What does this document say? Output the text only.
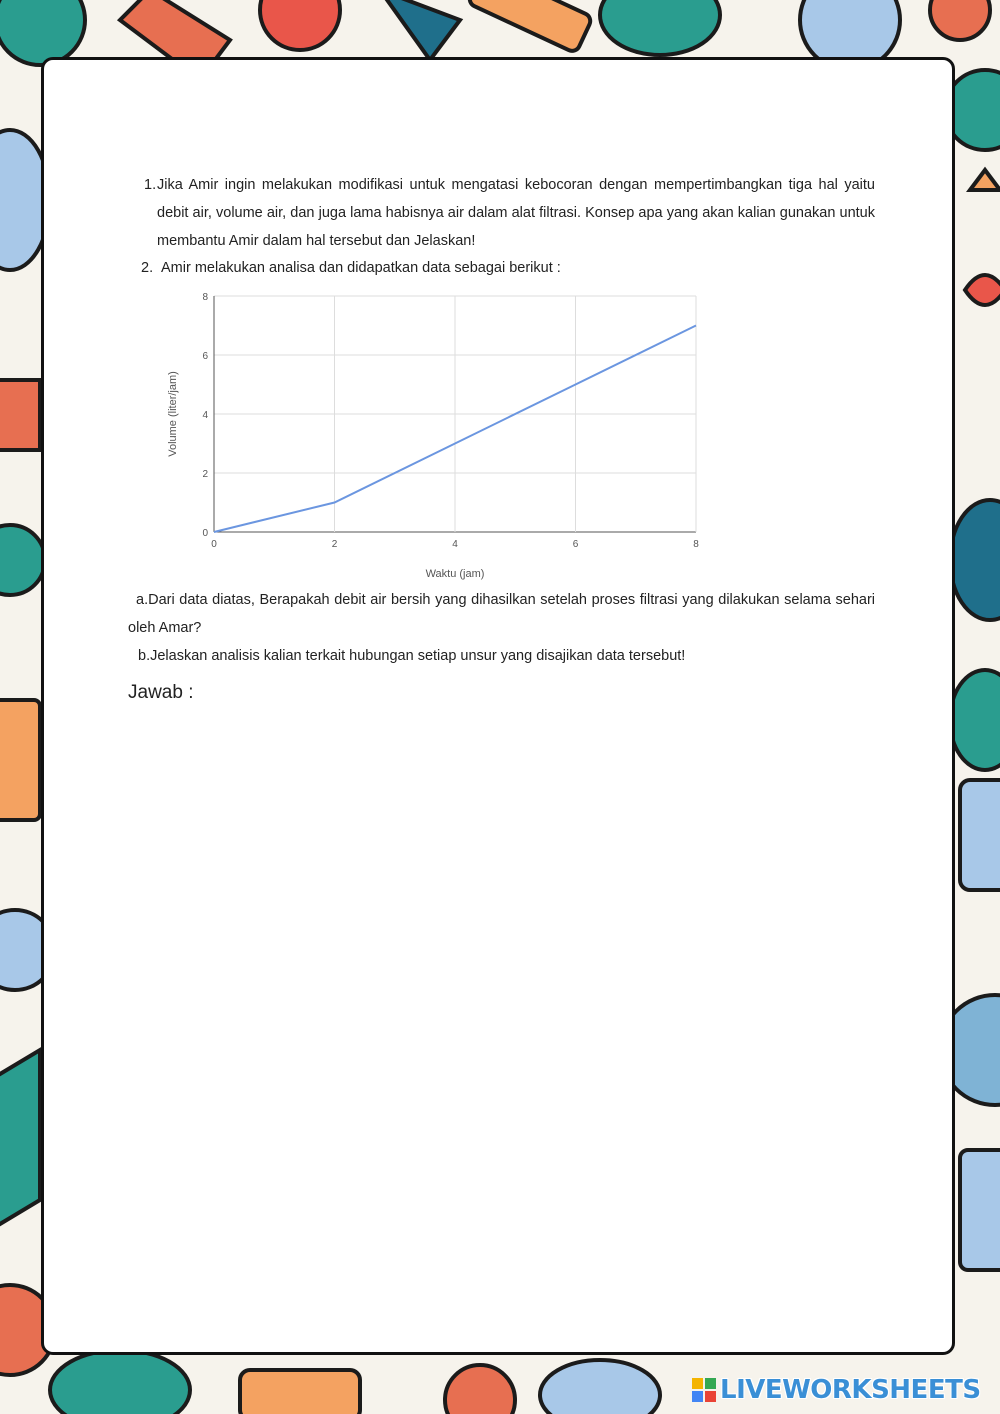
1. Jika Amir ingin melakukan modifikasi untuk mengatasi kebocoran dengan mempertimbangkan tiga hal yaitu debit air, volume air, dan juga lama habisnya air dalam alat filtrasi. Konsep apa yang akan kalian gunakan untuk membantu Amir dalam hal tersebut dan Jelaskan!

2. Amir melakukan analisa dan didapatkan data sebagai berikut :

0
2
4
6
8
0	2	4	6	8
Waktu (jam)
Volume (liter/jam)

a.Dari data diatas, Berapakah debit air bersih yang dihasilkan setelah proses filtrasi yang dilakukan selama sehari oleh Amar?

b.Jelaskan analisis kalian terkait hubungan setiap unsur yang disajikan data tersebut!

Jawab :
LIVEWORKSHEETS
